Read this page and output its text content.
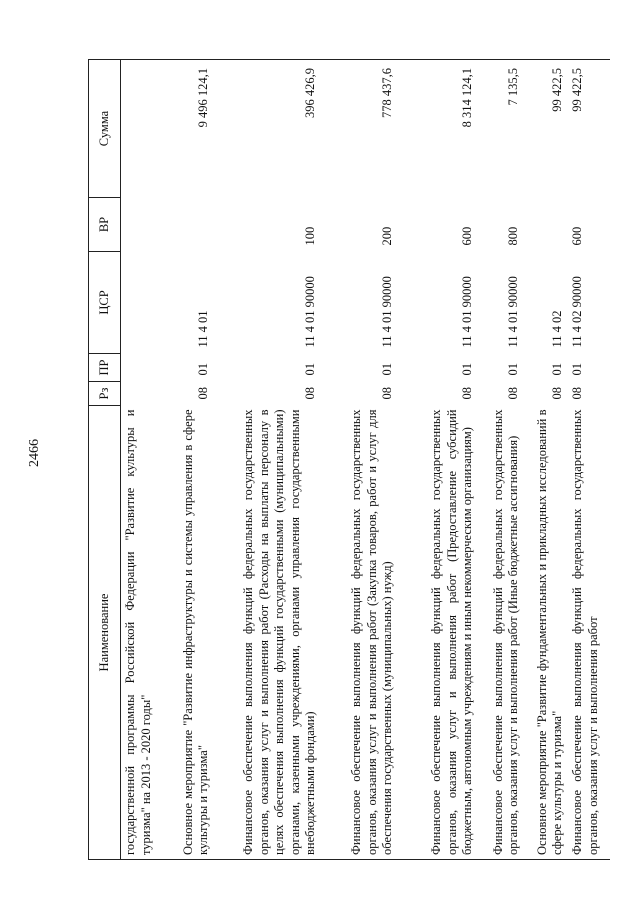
2466
Наименование	Рз	ПР	ЦСР	ВР	Сумма
государственной программы Российской Федерации "Развитие культуры и туризма" на 2013 - 2020 годы"					
Основное мероприятие "Развитие инфраструктуры и системы управления в сфере культуры и туризма"	08	01	11 4 01		9 496 124,1
Финансовое обеспечение выполнения функций федеральных государственных органов, оказания услуг и выполнения работ (Расходы на выплаты персоналу в целях обеспечения выполнения функций государственными (муниципальными) органами, казенными учреждениями, органами управления государственными внебюджетными фондами)	08	01	11 4 01 90000	100	396 426,9
Финансовое обеспечение выполнения функций федеральных государственных органов, оказания услуг и выполнения работ (Закупка товаров, работ и услуг для обеспечения государственных (муниципальных) нужд)	08	01	11 4 01 90000	200	778 437,6
Финансовое обеспечение выполнения функций федеральных государственных органов, оказания услуг и выполнения работ (Предоставление субсидий бюджетным, автономным учреждениям и иным некоммерческим организациям)	08	01	11 4 01 90000	600	8 314 124,1
Финансовое обеспечение выполнения функций федеральных государственных органов, оказания услуг и выполнения работ (Иные бюджетные ассигнования)	08	01	11 4 01 90000	800	7 135,5
Основное мероприятие "Развитие фундаментальных и прикладных исследований в сфере культуры и туризма"	08	01	11 4 02		99 422,5
Финансовое обеспечение выполнения функций федеральных государственных органов, оказания услуг и выполнения работ	08	01	11 4 02 90000	600	99 422,5
